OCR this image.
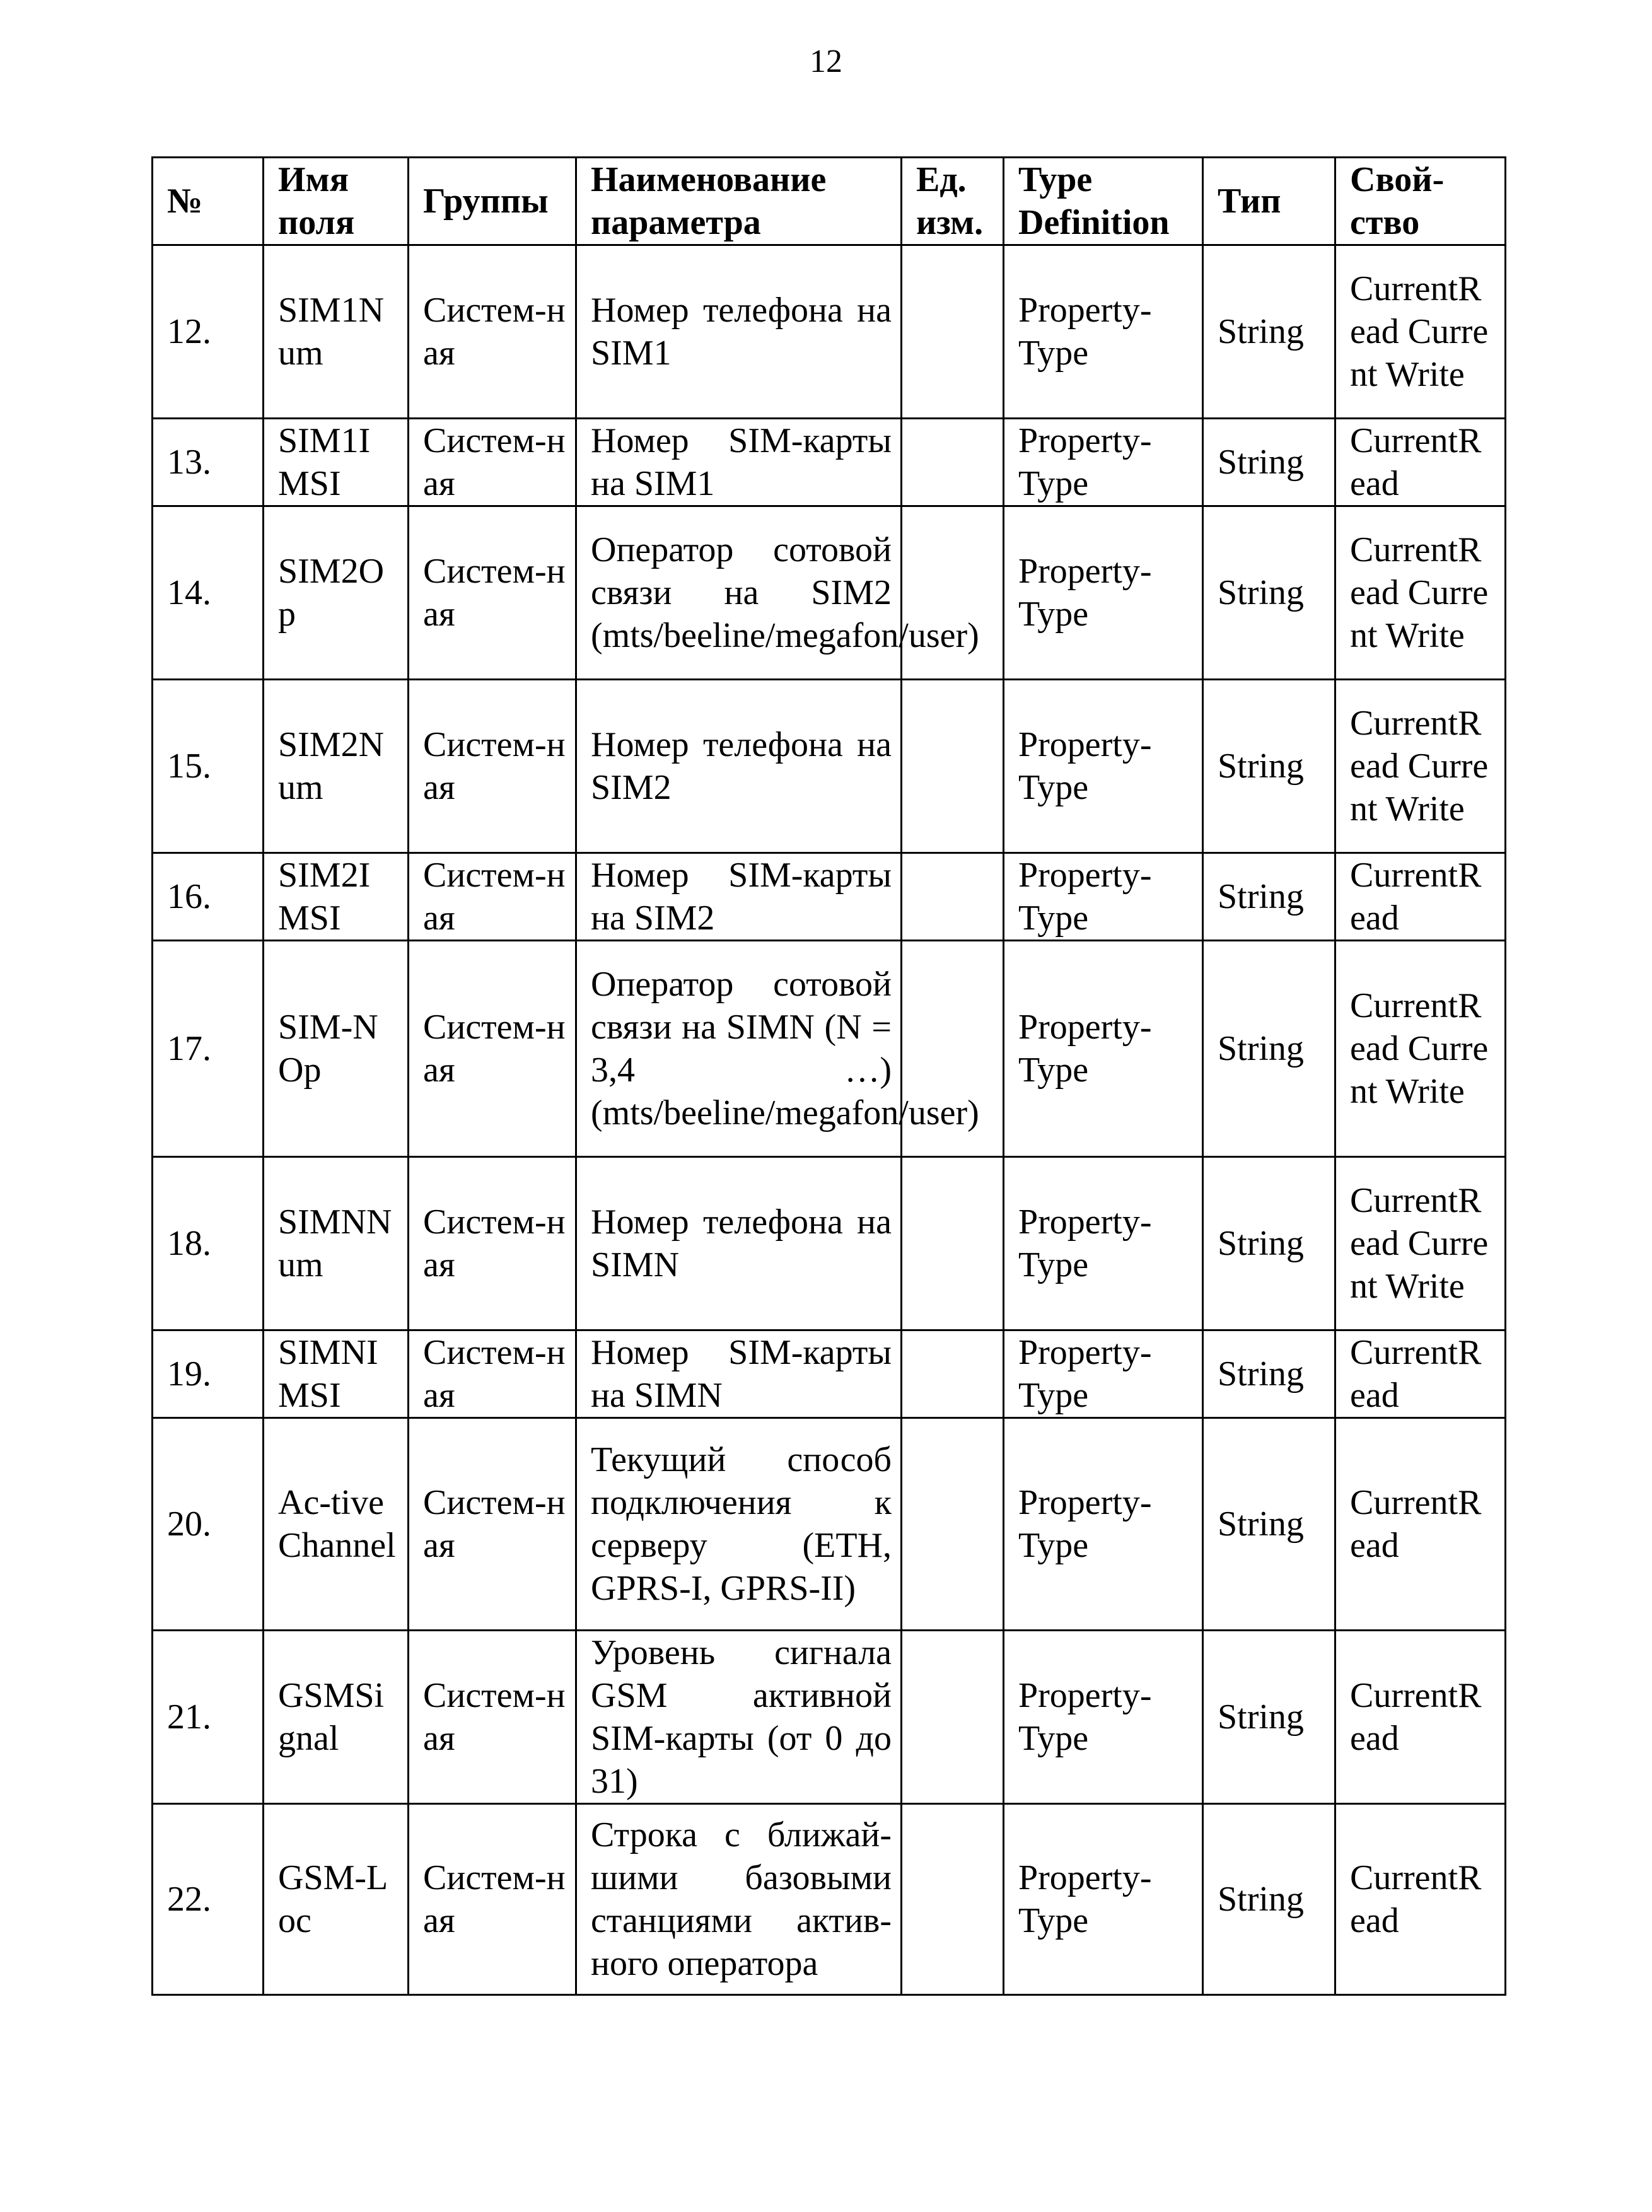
12
№	Имя поля	Группы	Наименование параметра	Ед. изм.	Type Definition	Тип	Свой-ство
12.	SIM1Num	Систем-ная	Номер телефона на SIM1		Property-Type	String	CurrentRead Current Write
13.	SIM1IMSI	Систем-ная	Номер SIM-карты на SIM1		Property-Type	String	CurrentRead
14.	SIM2Op	Систем-ная	Оператор сотовой связи на SIM2 (mts/beeline/megafon/user)		Property-Type	String	CurrentRead Current Write
15.	SIM2Num	Систем-ная	Номер телефона на SIM2		Property-Type	String	CurrentRead Current Write
16.	SIM2IMSI	Систем-ная	Номер SIM-карты на SIM2		Property-Type	String	CurrentRead
17.	SIM-NOp	Систем-ная	Оператор сотовой связи на SIMN (N = 3,4 …) (mts/beeline/megafon/user)		Property-Type	String	CurrentRead Current Write
18.	SIMNNum	Систем-ная	Номер телефона на SIMN		Property-Type	String	CurrentRead Current Write
19.	SIMNIMSI	Систем-ная	Номер SIM-карты на SIMN		Property-Type	String	CurrentRead
20.	Ac-tiveChannel	Систем-ная	Текущий способ подключения к серверу (ETH, GPRS-I, GPRS-II)		Property-Type	String	CurrentRead
21.	GSMSignal	Систем-ная	Уровень сигнала GSM активной SIM-карты (от 0 до 31)		Property-Type	String	CurrentRead
22.	GSM-Loc	Систем-ная	Строка с ближай-шими базовыми станциями актив-ного оператора		Property-Type	String	CurrentRead
